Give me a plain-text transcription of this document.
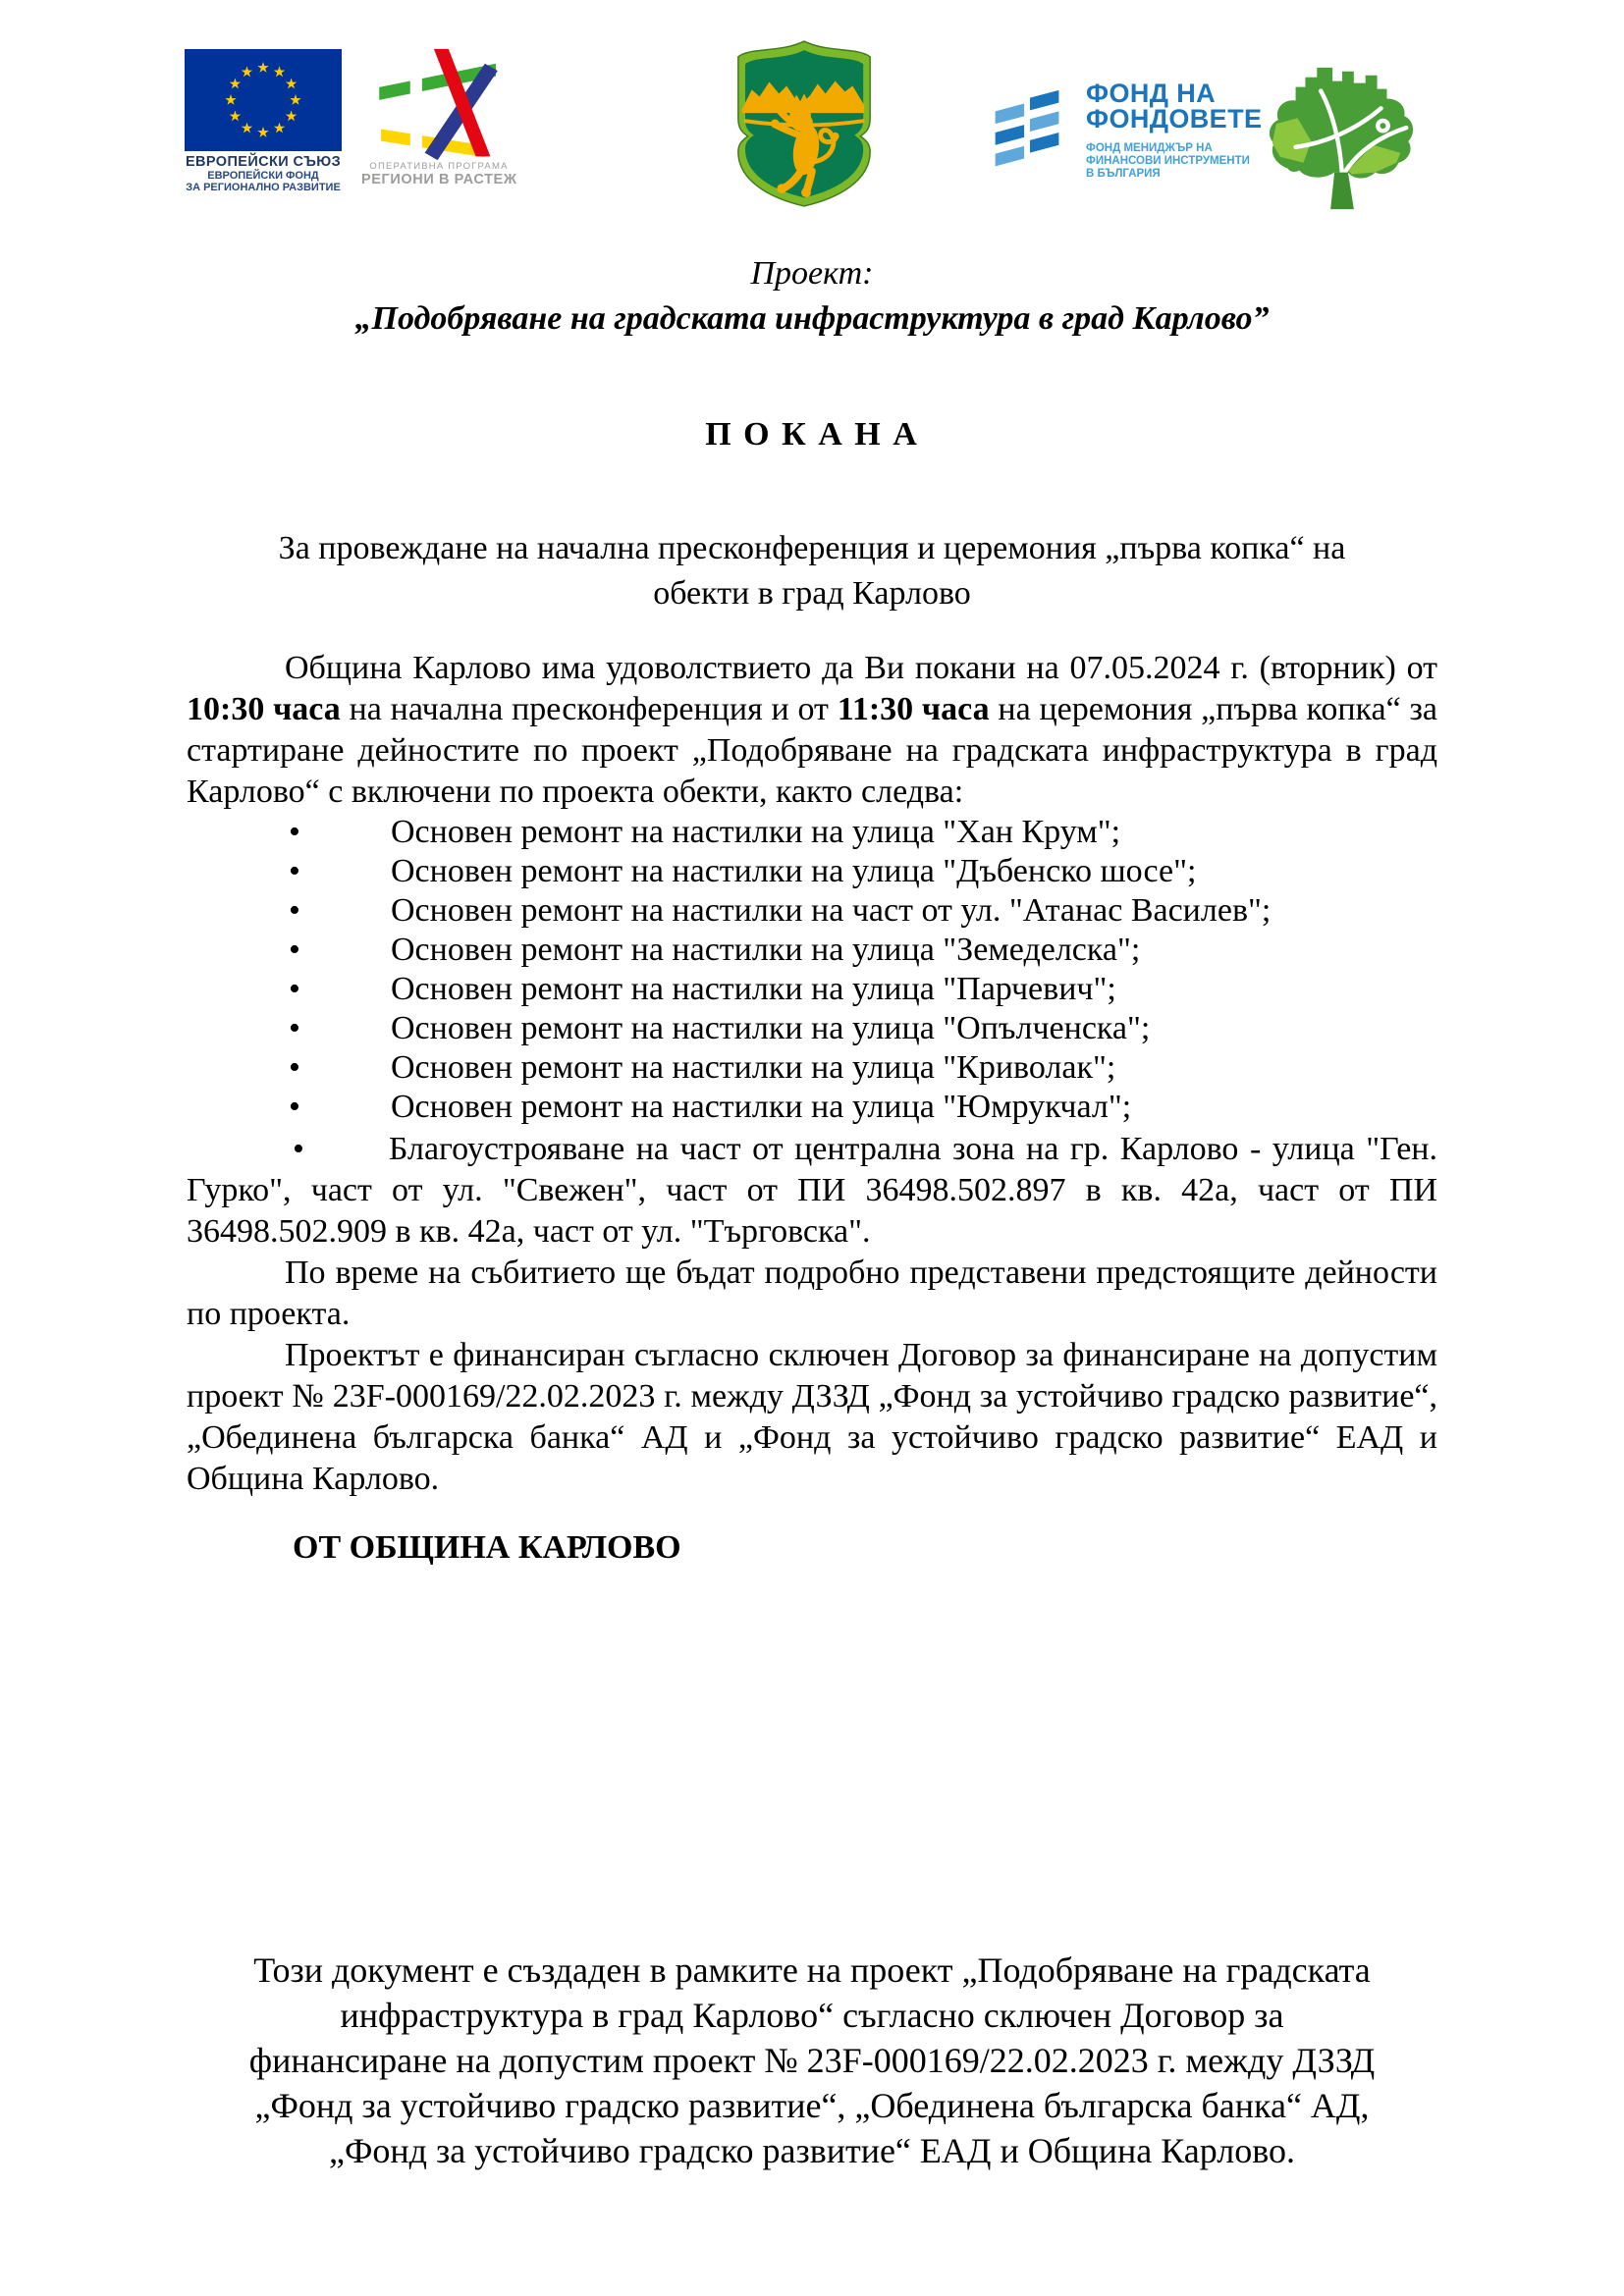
ЕВРОПЕЙСКИ СЪЮЗ
ЕВРОПЕЙСКИ ФОНД
ЗА РЕГИОНАЛНО РАЗВИТИЕ
ОПЕРАТИВНА ПРОГРАМА
РЕГИОНИ В РАСТЕЖ
ФОНД НА
ФОНДОВЕТЕ
ФОНД МЕНИДЖЪР НА
ФИНАНСОВИ ИНСТРУМЕНТИ
В БЪЛГАРИЯ
Проект:
„Подобряване на градската инфраструктура в град Карлово”
П О К А Н А
За провеждане на начална пресконференция и церемония „първа копка“ на
обекти в град Карлово

Община Карлово има удоволствието да Ви покани на 07.05.2024 г. (вторник) от 10:30 часа на начална пресконференция и от 11:30 часа на церемония „първа копка“ за стартиране дейностите по проект „Подобряване на градската инфраструктура в град Карлово“ с включени по проекта обекти, както следва:

•	Основен ремонт на настилки на улица "Хан Крум";
•	Основен ремонт на настилки на улица "Дъбенско шосе";
•	Основен ремонт на настилки на част от ул. "Атанас Василев";
•	Основен ремонт на настилки на улица "Земеделска";
•	Основен ремонт на настилки на улица "Парчевич";
•	Основен ремонт на настилки на улица "Опълченска";
•	Основен ремонт на настилки на улица "Криволак";
•	Основен ремонт на настилки на улица "Юмрукчал";

•	Благоустрояване на част от централна зона на гр. Карлово - улица "Ген. Гурко", част от ул. "Свежен", част от ПИ 36498.502.897 в кв. 42а, част от ПИ 36498.502.909 в кв. 42а, част от ул. "Търговска".

По време на събитието ще бъдат подробно представени предстоящите дейности по проекта.

Проектът е финансиран съгласно сключен Договор за финансиране на допустим проект № 23F-000169/22.02.2023 г. между ДЗЗД „Фонд за устойчиво градско развитие“, „Обединена българска банка“ АД и „Фонд за устойчиво градско развитие“ ЕАД и Община Карлово.

ОТ ОБЩИНА КАРЛОВО

Този документ е създаден в рамките на проект „Подобряване на градската
инфраструктура в град Карлово“ съгласно сключен Договор за
финансиране на допустим проект № 23F-000169/22.02.2023 г. между ДЗЗД
„Фонд за устойчиво градско развитие“, „Обединена българска банка“ АД,
„Фонд за устойчиво градско развитие“ ЕАД и Община Карлово.
